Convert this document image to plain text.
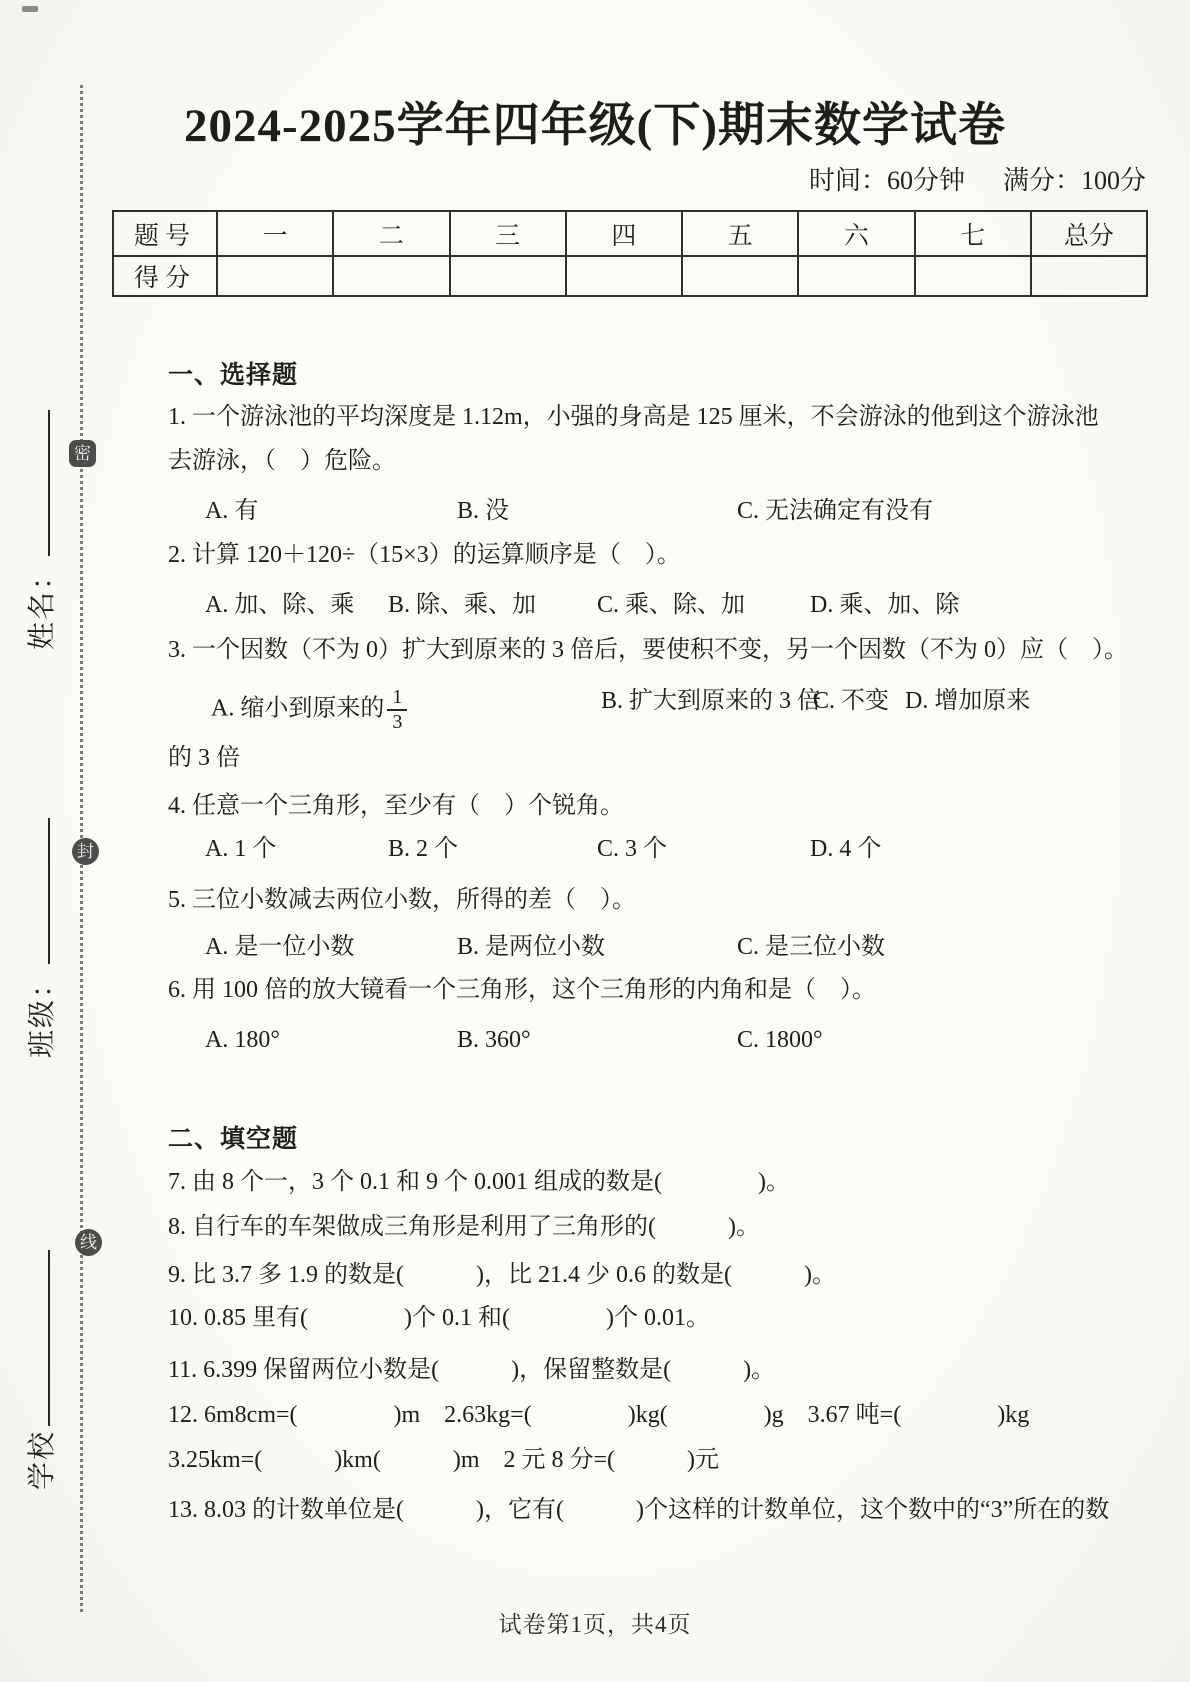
密
封
线
姓名：
班级：
学校
2024-2025学年四年级(下)期末数学试卷
时间：60分钟 满分：100分
题号	一	二	三	四	五	六	七	总分
得分								
一、选择题
1. 一个游泳池的平均深度是 1.12m，小强的身高是 125 厘米，不会游泳的他到这个游泳池
去游泳，（　）危险。
A. 有	B. 没	C. 无法确定有没有
2. 计算 120＋120÷（15×3）的运算顺序是（　）。
A. 加、除、乘 B. 除、乘、加	C. 乘、除、加	D. 乘、加、除
3. 一个因数（不为 0）扩大到原来的 3 倍后，要使积不变，另一个因数（不为 0）应（　）。
A. 缩小到原来的 $\frac{1}{3}$	B. 扩大到原来的 3 倍
C. 不变 D. 增加原来
的 3 倍
4. 任意一个三角形，至少有（　）个锐角。
A. 1 个	B. 2 个	C. 3 个	D. 4 个
5. 三位小数减去两位小数，所得的差（　）。
A. 是一位小数	B. 是两位小数	C. 是三位小数
6. 用 100 倍的放大镜看一个三角形，这个三角形的内角和是（　）。
A. 180°	B. 360°	C. 1800°
二、填空题
7. 由 8 个一，3 个 0.1 和 9 个 0.001 组成的数是(　　　　)。
8. 自行车的车架做成三角形是利用了三角形的(　　　)。
9. 比 3.7 多 1.9 的数是(　　　)，比 21.4 少 0.6 的数是(　　　)。
10. 0.85 里有(　　　　)个 0.1 和(　　　　)个 0.01。
11. 6.399 保留两位小数是(　　　)，保留整数是(　　　)。
12. 6m8cm=(　　　　)m　2.63kg=(　　　　)kg(　　　　)g　3.67 吨=(　　　　)kg
3.25km=(　　　)km(　　　)m　2 元 8 分=(　　　)元
13. 8.03 的计数单位是(　　　)，它有(　　　)个这样的计数单位，这个数中的“3”所在的数
试卷第1页，共4页
